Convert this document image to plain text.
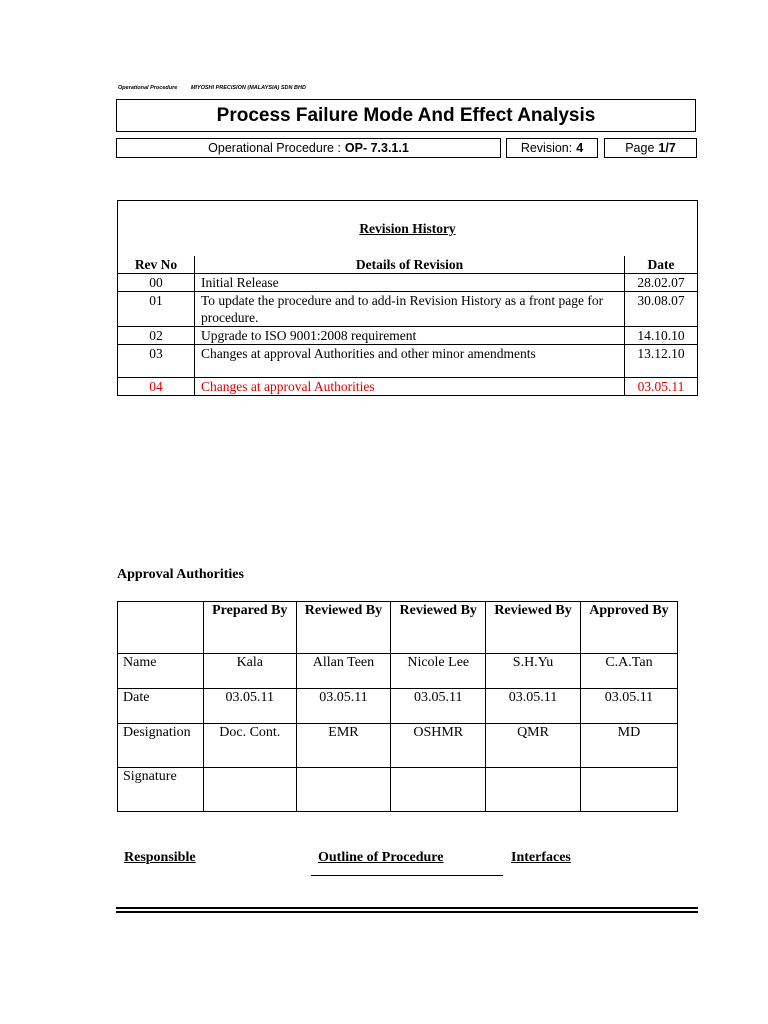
Operational Procedure MIYOSHI PRECISION (MALAYSIA) SDN BHD
Process Failure Mode And Effect Analysis
Operational Procedure : OP- 7.3.1.1	Revision: 4	Page 1/7
Revision History		
Rev No	Details of Revision	Date
00	Initial Release	28.02.07
01	To update the procedure and to add-in Revision History as a front page for procedure.	30.08.07
02	Upgrade to ISO 9001:2008 requirement	14.10.10
03	Changes at approval Authorities and other minor amendments	13.12.10
04	Changes at approval Authorities	03.05.11
Approval Authorities
	Prepared By	Reviewed By	Reviewed By	Reviewed By	Approved By
Name	Kala	Allan Teen	Nicole Lee	S.H.Yu	C.A.Tan
Date	03.05.11	03.05.11	03.05.11	03.05.11	03.05.11
Designation	Doc. Cont.	EMR	OSHMR	QMR	MD
Signature					
Responsible	Outline of Procedure	Interfaces
